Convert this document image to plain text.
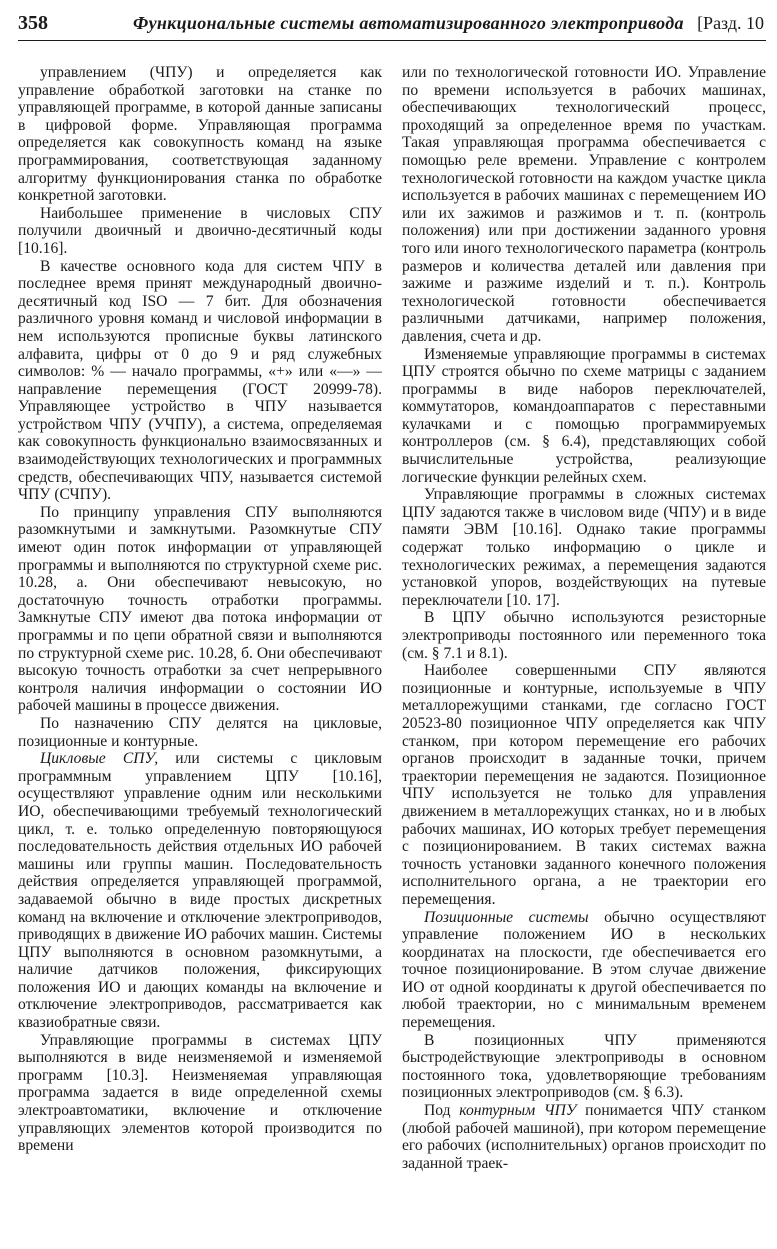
358	Функциональные системы автоматизированного электропривода [Разд. 10

управлением (ЧПУ) и определяется как управление обработкой заготовки на станке по управляющей программе, в которой данные записаны в цифровой форме. Управляющая программа определяется как совокупность команд на языке программирования, соответствующая заданному алгоритму функционирования станка по обработке конкретной заготовки.

Наибольшее применение в числовых СПУ получили двоичный и двоично-десятичный коды [10.16].

В качестве основного кода для систем ЧПУ в последнее время принят международный двоично-десятичный код ISO — 7 бит. Для обозначения различного уровня команд и числовой информации в нем используются прописные буквы латинского алфавита, цифры от 0 до 9 и ряд служебных символов: % — начало программы, «+» или «—» — направление перемещения (ГОСТ 20999-78). Управляющее устройство в ЧПУ называется устройством ЧПУ (УЧПУ), а система, определяемая как совокупность функционально взаимосвязанных и взаимодействующих технологических и программных средств, обеспечивающих ЧПУ, называется системой ЧПУ (СЧПУ).

По принципу управления СПУ выполняются разомкнутыми и замкнутыми. Разомкнутые СПУ имеют один поток информации от управляющей программы и выполняются по структурной схеме рис. 10.28, а. Они обеспечивают невысокую, но достаточную точность отработки программы. Замкнутые СПУ имеют два потока информации от программы и по цепи обратной связи и выполняются по структурной схеме рис. 10.28, б. Они обеспечивают высокую точность отработки за счет непрерывного контроля наличия информации о состоянии ИО рабочей машины в процессе движения.

По назначению СПУ делятся на цикловые, позиционные и контурные.

Цикловые СПУ, или системы с цикловым программным управлением ЦПУ [10.16], осуществляют управление одним или несколькими ИО, обеспечивающими требуемый технологический цикл, т. е. только определенную повторяющуюся последовательность действия отдельных ИО рабочей машины или группы машин. Последовательность действия определяется управляющей программой, задаваемой обычно в виде простых дискретных команд на включение и отключение электроприводов, приводящих в движение ИО рабочих машин. Системы ЦПУ выполняются в основном разомкнутыми, а наличие датчиков положения, фиксирующих положения ИО и дающих команды на включение и отключение электроприводов, рассматривается как квазиобратные связи.

Управляющие программы в системах ЦПУ выполняются в виде неизменяемой и изменяемой программ [10.3]. Неизменяемая управляющая программа задается в виде определенной схемы электроавтоматики, включение и отключение управляющих элементов которой производится по времени

или по технологической готовности ИО. Управление по времени используется в рабочих машинах, обеспечивающих технологический процесс, проходящий за определенное время по участкам. Такая управляющая программа обеспечивается с помощью реле времени. Управление с контролем технологической готовности на каждом участке цикла используется в рабочих машинах с перемещением ИО или их зажимов и разжимов и т. п. (контроль положения) или при достижении заданного уровня того или иного технологического параметра (контроль размеров и количества деталей или давления при зажиме и разжиме изделий и т. п.). Контроль технологической готовности обеспечивается различными датчиками, например положения, давления, счета и др.

Изменяемые управляющие программы в системах ЦПУ строятся обычно по схеме матрицы с заданием программы в виде наборов переключателей, коммутаторов, командоаппаратов с переставными кулачками и с помощью программируемых контроллеров (см. § 6.4), представляющих собой вычислительные устройства, реализующие логические функции релейных схем.

Управляющие программы в сложных системах ЦПУ задаются также в числовом виде (ЧПУ) и в виде памяти ЭВМ [10.16]. Однако такие программы содержат только информацию о цикле и технологических режимах, а перемещения задаются установкой упоров, воздействующих на путевые переключатели [10. 17].

В ЦПУ обычно используются резисторные электроприводы постоянного или переменного тока (см. § 7.1 и 8.1).

Наиболее совершенными СПУ являются позиционные и контурные, используемые в ЧПУ металлорежущими станками, где согласно ГОСТ 20523-80 позиционное ЧПУ определяется как ЧПУ станком, при котором перемещение его рабочих органов происходит в заданные точки, причем траектории перемещения не задаются. Позиционное ЧПУ используется не только для управления движением в металлорежущих станках, но и в любых рабочих машинах, ИО которых требует перемещения с позиционированием. В таких системах важна точность установки заданного конечного положения исполнительного органа, а не траектории его перемещения.

Позиционные системы обычно осуществляют управление положением ИО в нескольких координатах на плоскости, где обеспечивается его точное позиционирование. В этом случае движение ИО от одной координаты к другой обеспечивается по любой траектории, но с минимальным временем перемещения.

В позиционных ЧПУ применяются быстродействующие электроприводы в основном постоянного тока, удовлетворяющие требованиям позиционных электроприводов (см. § 6.3).

Под контурным ЧПУ понимается ЧПУ станком (любой рабочей машиной), при котором перемещение его рабочих (исполнительных) органов происходит по заданной траек-
